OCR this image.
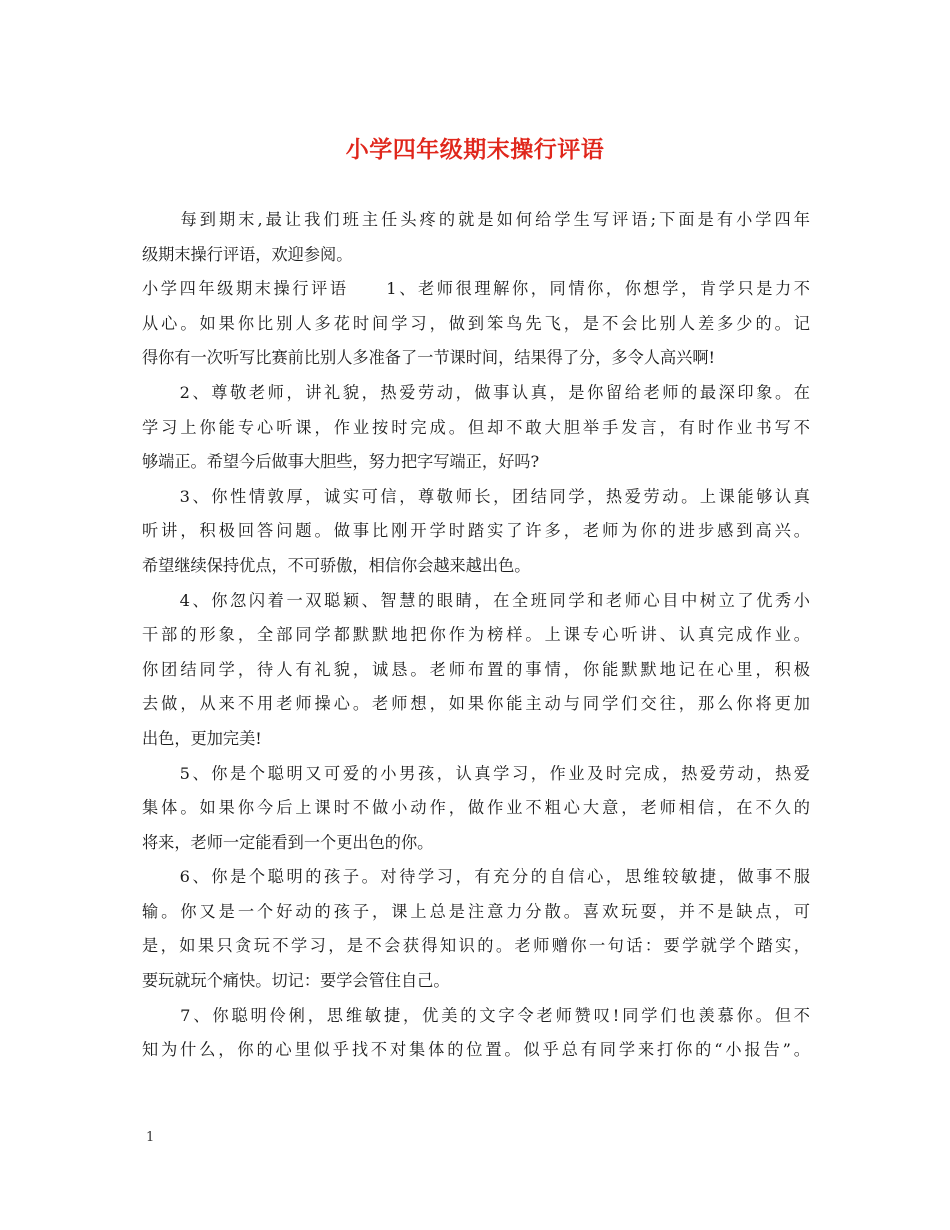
小学四年级期末操行评语
　　每到期末,最让我们班主任头疼的就是如何给学生写评语;下面是有小学四年
级期末操行评语，欢迎参阅。
小学四年级期末操行评语　　1、老师很理解你，同情你，你想学，肯学只是力不
从心。如果你比别人多花时间学习，做到笨鸟先飞，是不会比别人差多少的。记
得你有一次听写比赛前比别人多准备了一节课时间，结果得了分，多令人高兴啊!
　　2、尊敬老师，讲礼貌，热爱劳动，做事认真，是你留给老师的最深印象。在
学习上你能专心听课，作业按时完成。但却不敢大胆举手发言，有时作业书写不
够端正。希望今后做事大胆些，努力把字写端正，好吗?
　　3、你性情敦厚，诚实可信，尊敬师长，团结同学，热爱劳动。上课能够认真
听讲，积极回答问题。做事比刚开学时踏实了许多，老师为你的进步感到高兴。
希望继续保持优点，不可骄傲，相信你会越来越出色。
　　4、你忽闪着一双聪颖、智慧的眼睛，在全班同学和老师心目中树立了优秀小
干部的形象，全部同学都默默地把你作为榜样。上课专心听讲、认真完成作业。
你团结同学，待人有礼貌，诚恳。老师布置的事情，你能默默地记在心里，积极
去做，从来不用老师操心。老师想，如果你能主动与同学们交往，那么你将更加
出色，更加完美!
　　5、你是个聪明又可爱的小男孩，认真学习，作业及时完成，热爱劳动，热爱
集体。如果你今后上课时不做小动作，做作业不粗心大意，老师相信，在不久的
将来，老师一定能看到一个更出色的你。
　　6、你是个聪明的孩子。对待学习，有充分的自信心，思维较敏捷，做事不服
输。你又是一个好动的孩子，课上总是注意力分散。喜欢玩耍，并不是缺点，可
是，如果只贪玩不学习，是不会获得知识的。老师赠你一句话：要学就学个踏实，
要玩就玩个痛快。切记：要学会管住自己。
　　7、你聪明伶俐，思维敏捷，优美的文字令老师赞叹!同学们也羡慕你。但不
知为什么，你的心里似乎找不对集体的位置。似乎总有同学来打你的“小报告”。
1
